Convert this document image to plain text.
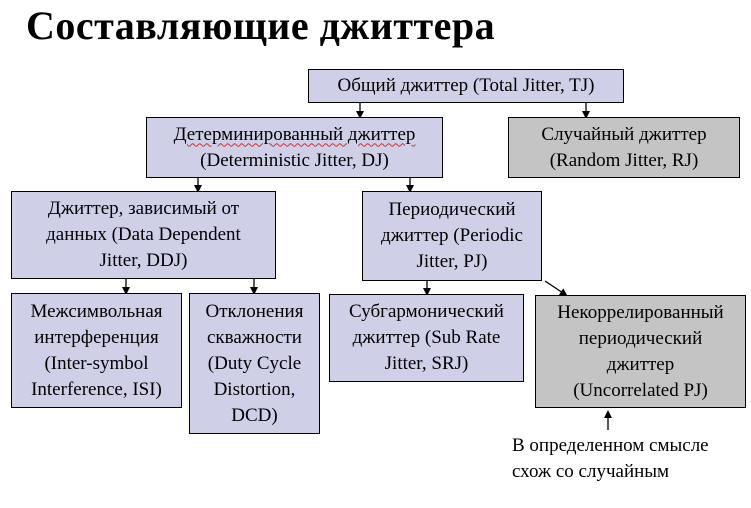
Составляющие джиттера
Общий джиттер (Total Jitter, TJ)
Детерминированный джиттер
(Deterministic Jitter, DJ)
Случайный джиттер
(Random Jitter, RJ)
Джиттер, зависимый от
данных (Data Dependent
Jitter, DDJ)
Периодический
джиттер (Periodic
Jitter, PJ)
Межсимвольная
интерференция
(Inter-symbol
Interference, ISI)
Отклонения
скважности
(Duty Cycle
Distortion,
DCD)
Субгармонический
джиттер (Sub Rate
Jitter, SRJ)
Некоррелированный
периодический
джиттер
(Uncorrelated PJ)
В определенном смысле
схож со случайным
